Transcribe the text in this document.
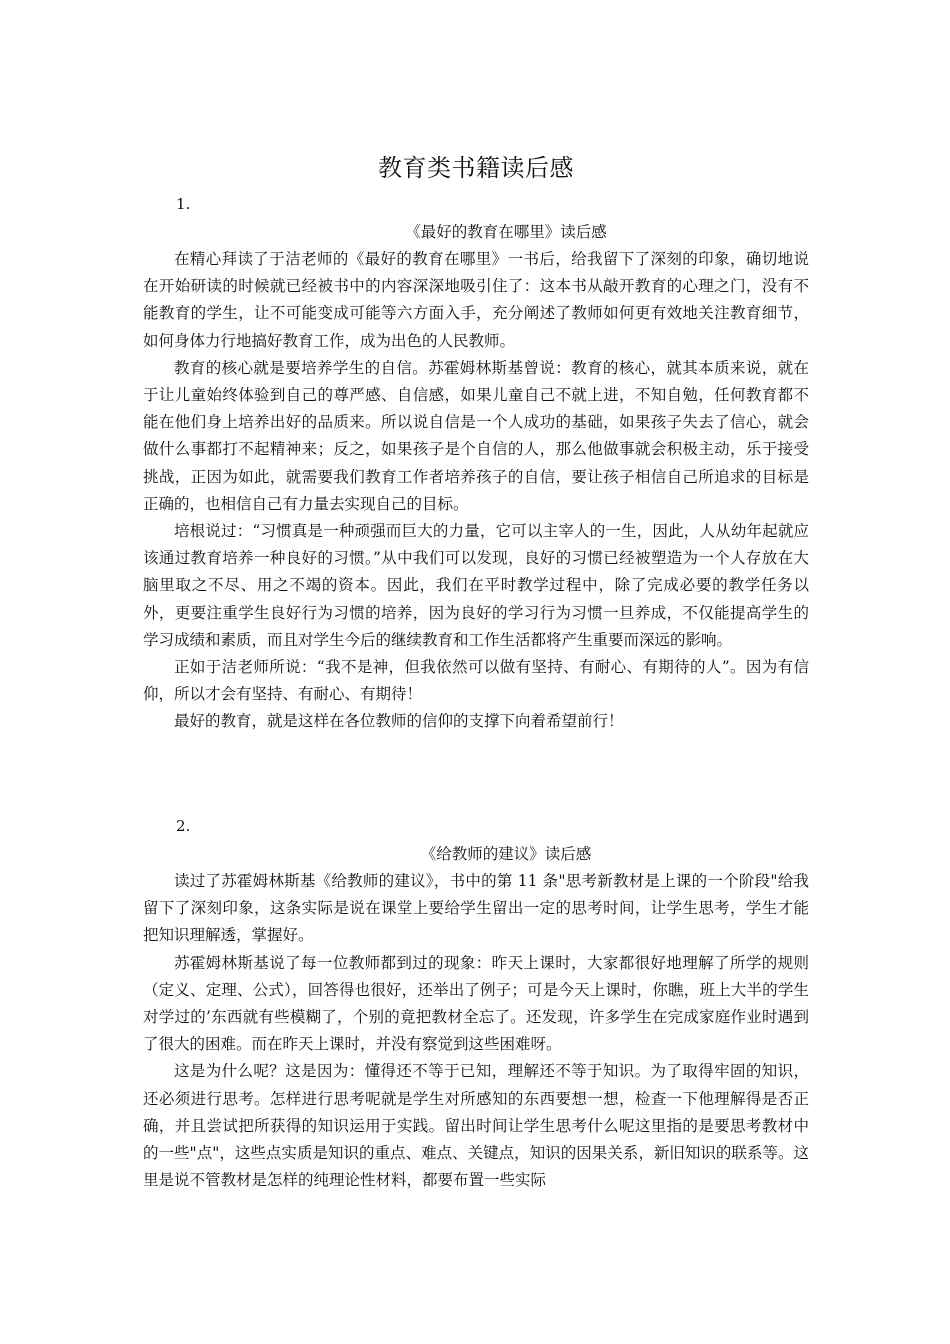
教育类书籍读后感
1.
《最好的教育在哪里》读后感

在精心拜读了于洁老师的《最好的教育在哪里》一书后，给我留下了深刻的印象，确切地说在开始研读的时候就已经被书中的内容深深地吸引住了：这本书从敲开教育的心理之门，没有不能教育的学生，让不可能变成可能等六方面入手，充分阐述了教师如何更有效地关注教育细节，如何身体力行地搞好教育工作，成为出色的人民教师。

教育的核心就是要培养学生的自信。苏霍姆林斯基曾说：教育的核心，就其本质来说，就在于让儿童始终体验到自己的尊严感、自信感，如果儿童自己不就上进，不知自勉，任何教育都不能在他们身上培养出好的品质来。所以说自信是一个人成功的基础，如果孩子失去了信心，就会做什么事都打不起精神来；反之，如果孩子是个自信的人，那么他做事就会积极主动，乐于接受挑战，正因为如此，就需要我们教育工作者培养孩子的自信，要让孩子相信自己所追求的目标是正确的，也相信自己有力量去实现自己的目标。

培根说过：“习惯真是一种顽强而巨大的力量，它可以主宰人的一生，因此，人从幼年起就应该通过教育培养一种良好的习惯。”从中我们可以发现，良好的习惯已经被塑造为一个人存放在大脑里取之不尽、用之不竭的资本。因此，我们在平时教学过程中，除了完成必要的教学任务以外，更要注重学生良好行为习惯的培养，因为良好的学习行为习惯一旦养成，不仅能提高学生的学习成绩和素质，而且对学生今后的继续教育和工作生活都将产生重要而深远的影响。

正如于洁老师所说：“我不是神，但我依然可以做有坚持、有耐心、有期待的人”。因为有信仰，所以才会有坚持、有耐心、有期待！

最好的教育，就是这样在各位教师的信仰的支撑下向着希望前行！

2.
《给教师的建议》读后感

读过了苏霍姆林斯基《给教师的建议》，书中的第 11 条"思考新教材是上课的一个阶段"给我留下了深刻印象，这条实际是说在课堂上要给学生留出一定的思考时间，让学生思考，学生才能把知识理解透，掌握好。

苏霍姆林斯基说了每一位教师都到过的现象：昨天上课时，大家都很好地理解了所学的规则（定义、定理、公式），回答得也很好，还举出了例子；可是今天上课时，你瞧，班上大半的学生对学过的’东西就有些模糊了，个别的竟把教材全忘了。还发现，许多学生在完成家庭作业时遇到了很大的困难。而在昨天上课时，并没有察觉到这些困难呀。

这是为什么呢？这是因为：懂得还不等于已知，理解还不等于知识。为了取得牢固的知识，还必须进行思考。怎样进行思考呢就是学生对所感知的东西要想一想，检查一下他理解得是否正确，并且尝试把所获得的知识运用于实践。留出时间让学生思考什么呢这里指的是要思考教材中的一些"点"，这些点实质是知识的重点、难点、关键点，知识的因果关系，新旧知识的联系等。这里是说不管教材是怎样的纯理论性材料，都要布置一些实际
